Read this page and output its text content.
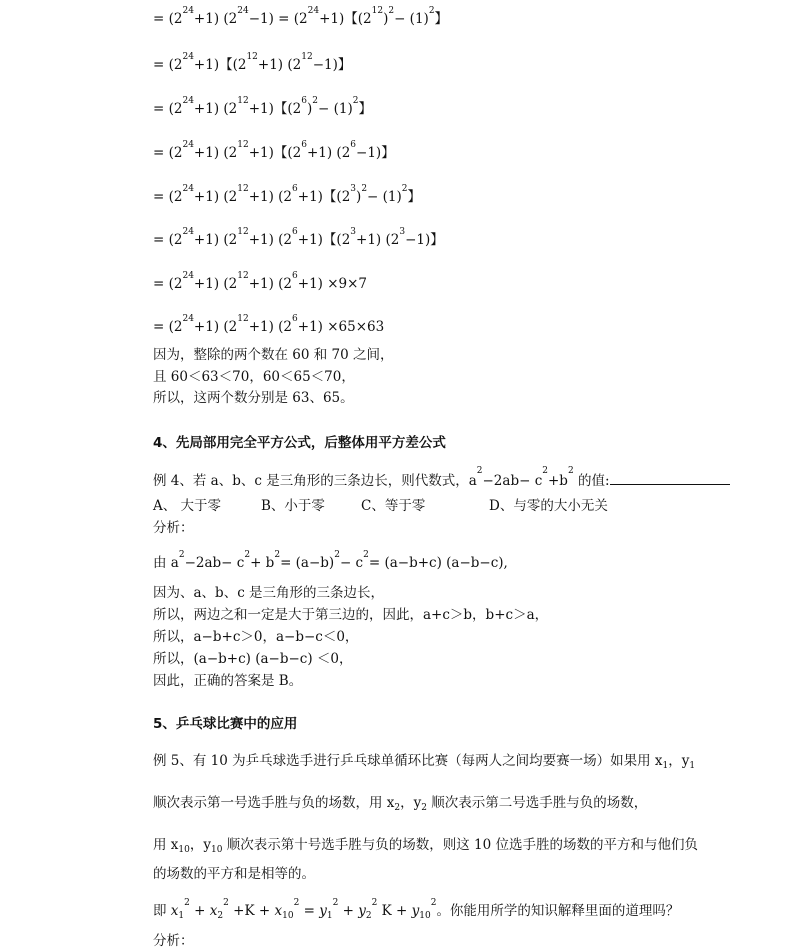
= $(2^{24}+1) (2^{24}-1) = (2^{24}+1)$【$(2^{12})^2- (1)^2$】
= $(2^{24}+1)$【$(2^{12}+1)$ $(2^{12}-1)$】
= $(2^{24}+1)$ $(2^{12}+1)$【$(2^6)^2- (1)^2$】
= $(2^{24}+1)$ $(2^{12}+1)$【$(2^6+1)$ $(2^6-1)$】
= $(2^{24}+1)$ $(2^{12}+1)$ $(2^6+1)$【$(2^3)^2- (1)^2$】
= $(2^{24}+1)$ $(2^{12}+1)$ $(2^6+1)$【$(2^3+1)$ $(2^3-1)$】
= $(2^{24}+1)$ $(2^{12}+1)$ $(2^6+1) \times 9\times 7$
= $(2^{24}+1)$ $(2^{12}+1)$ $(2^6+1) \times 65\times 63$
因为，整除的两个数在 60 和 70 之间，
且 60＜63＜70，60＜65＜70，
所以，这两个数分别是 63、65。
4、先局部用完全平方公式，后整体用平方差公式
例 4、若 a、b、c 是三角形的三条边长，则代数式，$a^2-2ab- c^2+b^2$ 的值:
A、 大于零	B、小于零	C、等于零	D、与零的大小无关
分析：
由 $a^2-2ab- c^2+ b^2= (a-b)^2- c^2= (a-b+c)$ (a−b−c),
因为、a、b、c 是三角形的三条边长，
所以，两边之和一定是大于第三边的，因此，a+c＞b，b+c＞a，
所以，a−b+c＞0，a−b−c＜0，
所以，(a−b+c) (a−b−c) ＜0，
因此，正确的答案是 B。
5、乒乓球比赛中的应用
例 5、有 10 为乒乓球选手进行乒乓球单循环比赛（每两人之间均要赛一场）如果用 $x_1$，$y_1$
顺次表示第一号选手胜与负的场数，用 $x_2$，$y_2$ 顺次表示第二号选手胜与负的场数，
用 $x_{10}$，$y_{10}$ 顺次表示第十号选手胜与负的场数，则这 10 位选手胜的场数的平方和与他们负
的场数的平方和是相等的。
即 $x_1^2 + x_2^2 +K + x_{10}^2 = y_1^2 + y_2^2$ $K + y_{10}^2$。你能用所学的知识解释里面的道理吗？
分析：
